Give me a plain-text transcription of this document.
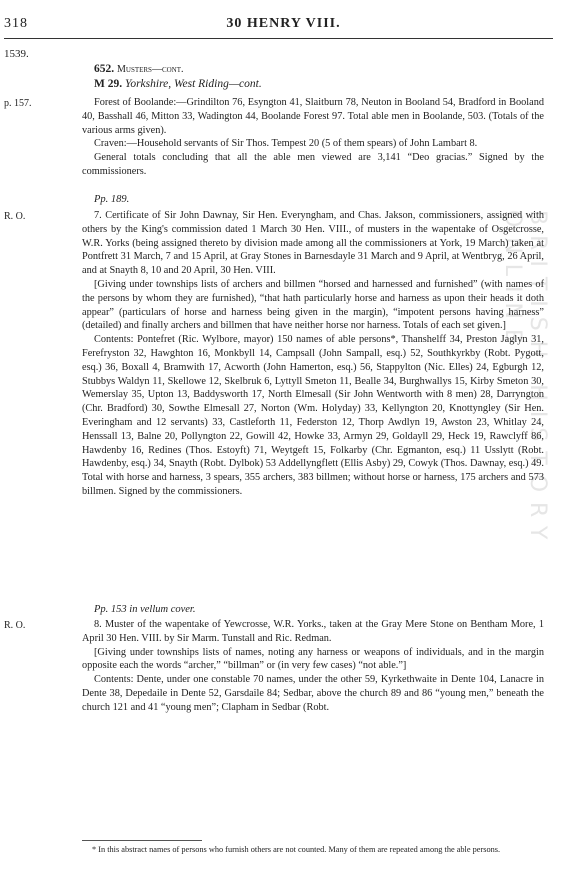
318	30 HENRY VIII.
BRITISH HISTORY ONLINE
1539.
652. Musters—cont.
M 29. Yorkshire, West Riding—cont.
p. 157.	Forest of Boolande:—Grindilton 76, Esyngton 41, Slaitburn 78, Neuton in Booland 54, Bradford in Booland 40, Basshall 46, Mitton 33, Wadington 44, Boolande Forest 97. Total able men in Boolande, 503. (Totals of the various arms given).

Craven:—Household servants of Sir Thos. Tempest 20 (5 of them spears) of John Lambart 8.

General totals concluding that all the able men viewed are 3,141 “Deo gracias.” Signed by the commissioners.

Pp. 189.
R. O.	7. Certificate of Sir John Dawnay, Sir Hen. Everyngham, and Chas. Jakson, commissioners, assigned with others by the King's commission dated 1 March 30 Hen. VIII., of musters in the wapentake of Osgetcrosse, W.R. Yorks (being assigned thereto by division made among all the commissioners at York, 19 March) taken at Pontfrett 31 March, 7 and 15 April, at Gray Stones in Barnesdayle 31 March and 9 April, at Wentbryg, 26 April, and at Snayth 8, 10 and 20 April, 30 Hen. VIII.

[Giving under townships lists of archers and billmen “horsed and harnessed and furnished” (with names of the persons by whom they are furnished), “that hath particularly horse and harness as upon their heads it doth appear” (particulars of horse and harness being given in the margin), “impotent persons having harness” (detailed) and finally archers and billmen that have neither horse nor harness. Totals of each set given.]

Contents: Pontefret (Ric. Wylbore, mayor) 150 names of able persons*, Thanshelff 34, Preston Jaglyn 31, Ferefryston 32, Hawghton 16, Monkbyll 14, Campsall (John Sampall, esq.) 52, Southkyrkby (Robt. Pygott, esq.) 36, Boxall 4, Bramwith 17, Acworth (John Hamerton, esq.) 56, Stappylton (Nic. Elles) 24, Egburgh 12, Stubbys Waldyn 11, Skellowe 12, Skelbruk 6, Lyttyll Smeton 11, Bealle 34, Burghwallys 15, Kirby Smeton 30, Wemerslay 35, Upton 13, Baddysworth 17, North Elmesall (Sir John Wentworth with 8 men) 28, Darryngton (Chr. Bradford) 30, Sowthe Elmesall 27, Norton (Wm. Holyday) 33, Kellyngton 20, Knottyngley (Sir Hen. Everingham and 12 servants) 33, Castleforth 11, Federston 12, Thorp Awdlyn 19, Awston 23, Whitlay 24, Henssall 13, Balne 20, Pollyngton 22, Gowill 42, Howke 33, Armyn 29, Goldayll 29, Heck 19, Rawclyff 86, Hawdenby 16, Redines (Thos. Estoyft) 71, Weytgeft 15, Folkarby (Chr. Egmanton, esq.) 11 Usslytt (Robt. Hawdenby, esq.) 34, Snayth (Robt. Dylbok) 53 Addellyngflett (Ellis Asby) 29, Cowyk (Thos. Dawnay, esq.) 49. Total with horse and harness, 3 spears, 355 archers, 383 billmen; without horse or harness, 175 archers and 573 billmen. Signed by the commissioners.

Pp. 153 in vellum cover.
R. O.	8. Muster of the wapentake of Yewcrosse, W.R. Yorks., taken at the Gray Mere Stone on Bentham More, 1 April 30 Hen. VIII. by Sir Marm. Tunstall and Ric. Redman.

[Giving under townships lists of names, noting any harness or weapons of individuals, and in the margin opposite each the words “archer,” “billman” or (in very few cases) “not able.”]

Contents: Dente, under one constable 70 names, under the other 59, Kyrkethwaite in Dente 104, Lanacre in Dente 38, Depedaile in Dente 52, Garsdaile 84; Sedbar, above the church 89 and 86 “young men,” beneath the church 121 and 41 “young men”; Clapham in Sedbar (Robt.

* In this abstract names of persons who furnish others are not counted. Many of them are repeated among the able persons.
